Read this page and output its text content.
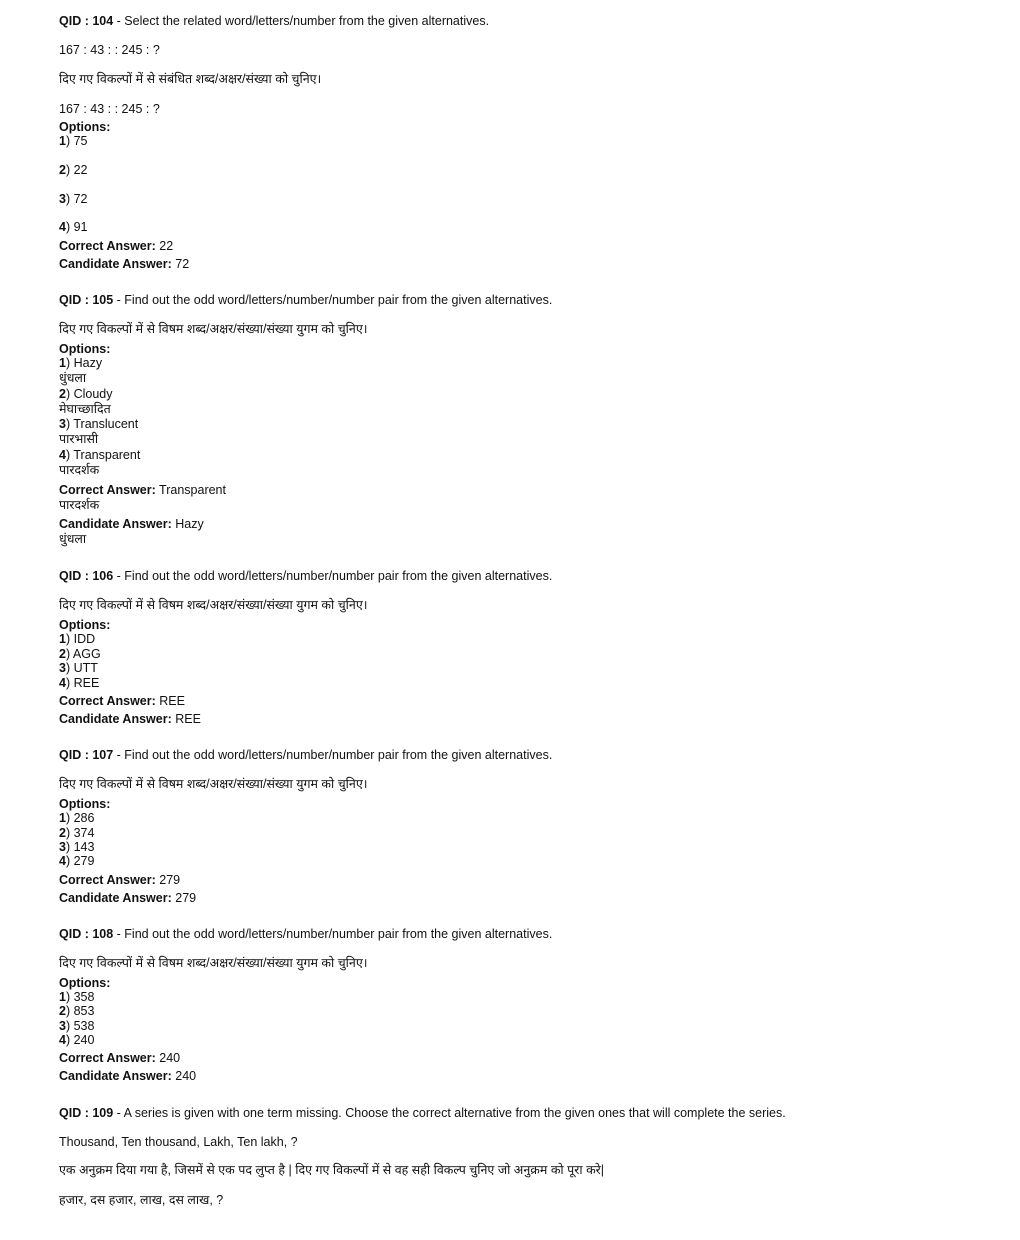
QID : 104 - Select the related word/letters/number from the given alternatives.
167 : 43 : : 245 : ?
दिए गए विकल्पों में से संबंधित शब्द/अक्षर/संख्या को चुनिए।
167 : 43 : : 245 : ?
Options:
1) 75
2) 22
3) 72
4) 91
Correct Answer: 22
Candidate Answer: 72
QID : 105 - Find out the odd word/letters/number/number pair from the given alternatives.
दिए गए विकल्पों में से विषम शब्द/अक्षर/संख्या/संख्या युगम को चुनिए।
Options:
1) Hazy
धुंधला
2) Cloudy
मेघाच्छादित
3) Translucent
पारभासी
4) Transparent
पारदर्शक
Correct Answer: Transparent
पारदर्शक
Candidate Answer: Hazy
धुंधला
QID : 106 - Find out the odd word/letters/number/number pair from the given alternatives.
दिए गए विकल्पों में से विषम शब्द/अक्षर/संख्या/संख्या युगम को चुनिए।
Options:
1) IDD
2) AGG
3) UTT
4) REE
Correct Answer: REE
Candidate Answer: REE
QID : 107 - Find out the odd word/letters/number/number pair from the given alternatives.
दिए गए विकल्पों में से विषम शब्द/अक्षर/संख्या/संख्या युगम को चुनिए।
Options:
1) 286
2) 374
3) 143
4) 279
Correct Answer: 279
Candidate Answer: 279
QID : 108 - Find out the odd word/letters/number/number pair from the given alternatives.
दिए गए विकल्पों में से विषम शब्द/अक्षर/संख्या/संख्या युगम को चुनिए।
Options:
1) 358
2) 853
3) 538
4) 240
Correct Answer: 240
Candidate Answer: 240
QID : 109 - A series is given with one term missing. Choose the correct alternative from the given ones that will complete the series.
Thousand, Ten thousand, Lakh, Ten lakh, ?
एक अनुक्रम दिया गया है, जिसमें से एक पद लुप्त है | दिए गए विकल्पों में से वह सही विकल्प चुनिए जो अनुक्रम को पूरा करे|
हजार, दस हजार, लाख, दस लाख, ?
